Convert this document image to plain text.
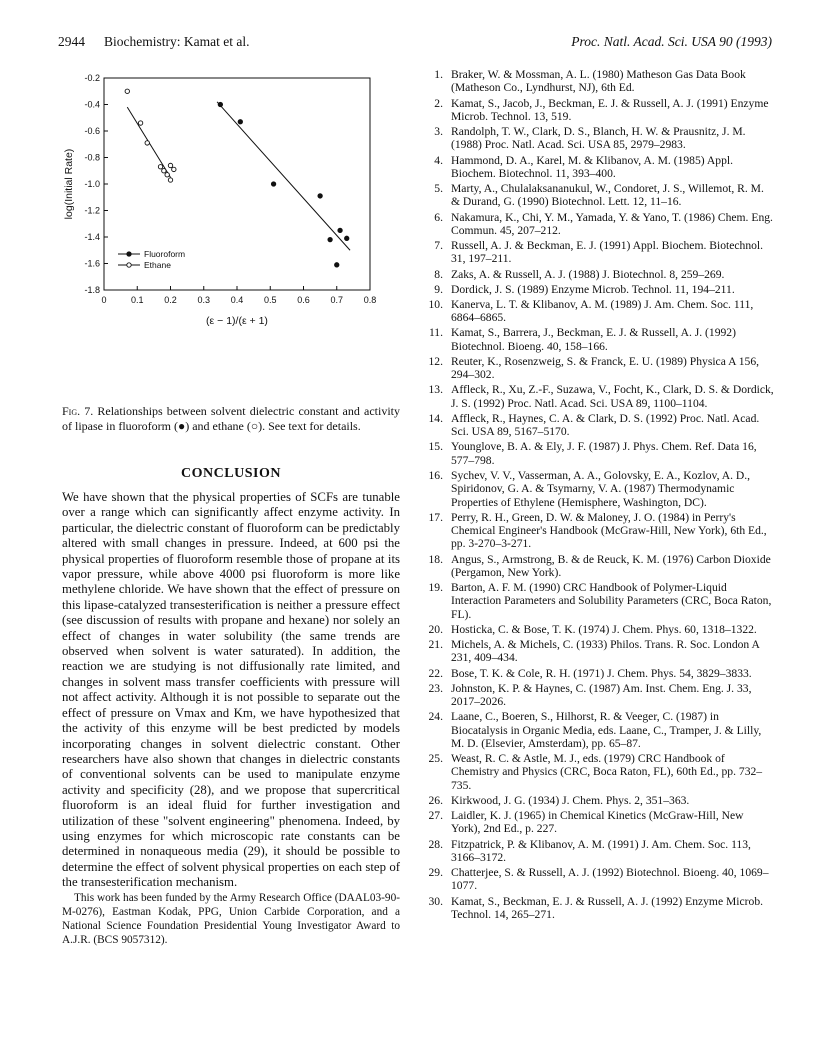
2944 Biochemistry: Kamat et al.	Proc. Natl. Acad. Sci. USA 90 (1993)
0	0.1 0.2 0.3 0.4 0.5 0.6 0.7 0.8
-0.2
-0.4
-0.6
-0.8
-1.0
-1.2
-1.4
-1.6
-1.8
(ε − 1)/(ε + 1)
log(Initial Rate)
Fluoroform
Ethane
Fig. 7. Relationships between solvent dielectric constant and activity of lipase in fluoroform (●) and ethane (○). See text for details.
CONCLUSION

We have shown that the physical properties of SCFs are tunable over a range which can significantly affect enzyme activity. In particular, the dielectric constant of fluoroform can be predictably altered with small changes in pressure. Indeed, at 600 psi the physical properties of fluoroform resemble those of propane at its vapor pressure, while above 4000 psi fluoroform is more like methylene chloride. We have shown that the effect of pressure on this lipase-catalyzed transesterification is neither a pressure effect (see discussion of results with propane and hexane) nor solely an effect of changes in water solubility (the same trends are observed when solvent is water saturated). In addition, the reaction we are studying is not diffusionally rate limited, and changes in solvent mass transfer coefficients with pressure will not affect activity. Although it is not possible to separate out the effect of pressure on Vmax and Km, we have hypothesized that the activity of this enzyme will be best predicted by models incorporating changes in solvent dielectric constant. Other researchers have also shown that changes in dielectric constants of conventional solvents can be used to manipulate enzyme activity and specificity (28), and we propose that supercritical fluoroform is an ideal fluid for further investigation and utilization of these "solvent engineering" phenomena. Indeed, by using enzymes for which microscopic rate constants can be determined in nonaqueous media (29), it should be possible to determine the effect of solvent physical properties on each step of the transesterification mechanism.

This work has been funded by the Army Research Office (DAAL03-90-M-0276), Eastman Kodak, PPG, Union Carbide Corporation, and a National Science Foundation Presidential Young Investigator Award to A.J.R. (BCS 9057312).

1. Braker, W. & Mossman, A. L. (1980) Matheson Gas Data Book (Matheson Co., Lyndhurst, NJ), 6th Ed.
2. Kamat, S., Jacob, J., Beckman, E. J. & Russell, A. J. (1991) Enzyme Microb. Technol. 13, 519.
3. Randolph, T. W., Clark, D. S., Blanch, H. W. & Prausnitz, J. M. (1988) Proc. Natl. Acad. Sci. USA 85, 2979–2983.
4. Hammond, D. A., Karel, M. & Klibanov, A. M. (1985) Appl. Biochem. Biotechnol. 11, 393–400.
5. Marty, A., Chulalaksananukul, W., Condoret, J. S., Willemot, R. M. & Durand, G. (1990) Biotechnol. Lett. 12, 11–16.
6. Nakamura, K., Chi, Y. M., Yamada, Y. & Yano, T. (1986) Chem. Eng. Commun. 45, 207–212.
7. Russell, A. J. & Beckman, E. J. (1991) Appl. Biochem. Biotechnol. 31, 197–211.
8. Zaks, A. & Russell, A. J. (1988) J. Biotechnol. 8, 259–269.
9. Dordick, J. S. (1989) Enzyme Microb. Technol. 11, 194–211.
10. Kanerva, L. T. & Klibanov, A. M. (1989) J. Am. Chem. Soc. 111, 6864–6865.
11. Kamat, S., Barrera, J., Beckman, E. J. & Russell, A. J. (1992) Biotechnol. Bioeng. 40, 158–166.
12. Reuter, K., Rosenzweig, S. & Franck, E. U. (1989) Physica A 156, 294–302.
13. Affleck, R., Xu, Z.-F., Suzawa, V., Focht, K., Clark, D. S. & Dordick, J. S. (1992) Proc. Natl. Acad. Sci. USA 89, 1100–1104.
14. Affleck, R., Haynes, C. A. & Clark, D. S. (1992) Proc. Natl. Acad. Sci. USA 89, 5167–5170.
15. Younglove, B. A. & Ely, J. F. (1987) J. Phys. Chem. Ref. Data 16, 577–798.
16. Sychev, V. V., Vasserman, A. A., Golovsky, E. A., Kozlov, A. D., Spiridonov, G. A. & Tsymarny, V. A. (1987) Thermodynamic Properties of Ethylene (Hemisphere, Washington, DC).
17. Perry, R. H., Green, D. W. & Maloney, J. O. (1984) in Perry's Chemical Engineer's Handbook (McGraw-Hill, New York), 6th Ed., pp. 3-270–3-271.
18. Angus, S., Armstrong, B. & de Reuck, K. M. (1976) Carbon Dioxide (Pergamon, New York).
19. Barton, A. F. M. (1990) CRC Handbook of Polymer-Liquid Interaction Parameters and Solubility Parameters (CRC, Boca Raton, FL).
20. Hosticka, C. & Bose, T. K. (1974) J. Chem. Phys. 60, 1318–1322.
21. Michels, A. & Michels, C. (1933) Philos. Trans. R. Soc. London A 231, 409–434.
22. Bose, T. K. & Cole, R. H. (1971) J. Chem. Phys. 54, 3829–3833.
23. Johnston, K. P. & Haynes, C. (1987) Am. Inst. Chem. Eng. J. 33, 2017–2026.
24. Laane, C., Boeren, S., Hilhorst, R. & Veeger, C. (1987) in Biocatalysis in Organic Media, eds. Laane, C., Tramper, J. & Lilly, M. D. (Elsevier, Amsterdam), pp. 65–87.
25. Weast, R. C. & Astle, M. J., eds. (1979) CRC Handbook of Chemistry and Physics (CRC, Boca Raton, FL), 60th Ed., pp. 732–735.
26. Kirkwood, J. G. (1934) J. Chem. Phys. 2, 351–363.
27. Laidler, K. J. (1965) in Chemical Kinetics (McGraw-Hill, New York), 2nd Ed., p. 227.
28. Fitzpatrick, P. & Klibanov, A. M. (1991) J. Am. Chem. Soc. 113, 3166–3172.
29. Chatterjee, S. & Russell, A. J. (1992) Biotechnol. Bioeng. 40, 1069–1077.
30. Kamat, S., Beckman, E. J. & Russell, A. J. (1992) Enzyme Microb. Technol. 14, 265–271.
